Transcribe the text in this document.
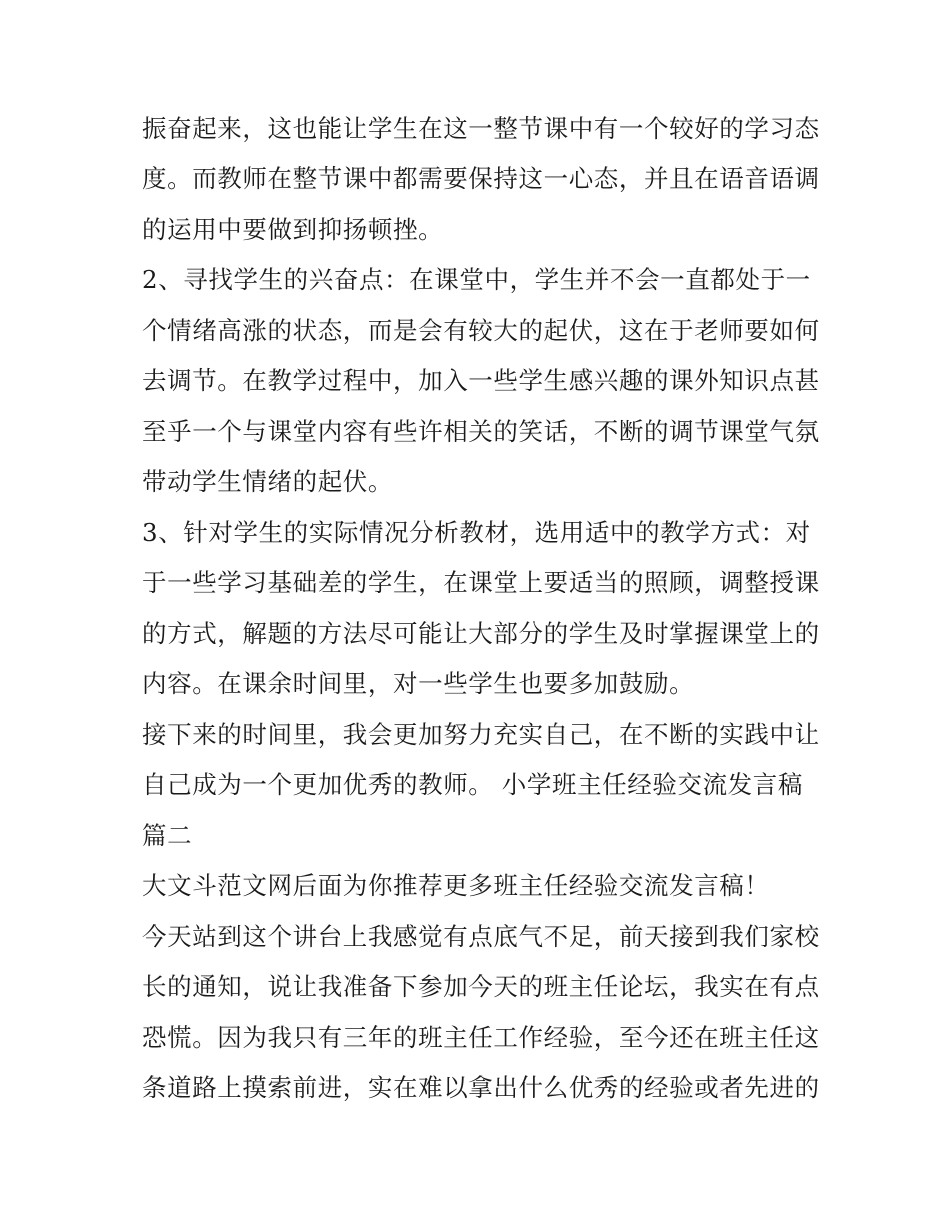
振奋起来，这也能让学生在这一整节课中有一个较好的学习态
度。而教师在整节课中都需要保持这一心态，并且在语音语调
的运用中要做到抑扬顿挫。
2、寻找学生的兴奋点：在课堂中，学生并不会一直都处于一
个情绪高涨的状态，而是会有较大的起伏，这在于老师要如何
去调节。在教学过程中，加入一些学生感兴趣的课外知识点甚
至乎一个与课堂内容有些许相关的笑话，不断的调节课堂气氛
带动学生情绪的起伏。
3、针对学生的实际情况分析教材，选用适中的教学方式：对
于一些学习基础差的学生，在课堂上要适当的照顾，调整授课
的方式，解题的方法尽可能让大部分的学生及时掌握课堂上的
内容。在课余时间里，对一些学生也要多加鼓励。
接下来的时间里，我会更加努力充实自己，在不断的实践中让
自己成为一个更加优秀的教师。 小学班主任经验交流发言稿
篇二
大文斗范文网后面为你推荐更多班主任经验交流发言稿！
今天站到这个讲台上我感觉有点底气不足，前天接到我们家校
长的通知，说让我准备下参加今天的班主任论坛，我实在有点
恐慌。因为我只有三年的班主任工作经验，至今还在班主任这
条道路上摸索前进，实在难以拿出什么优秀的经验或者先进的
